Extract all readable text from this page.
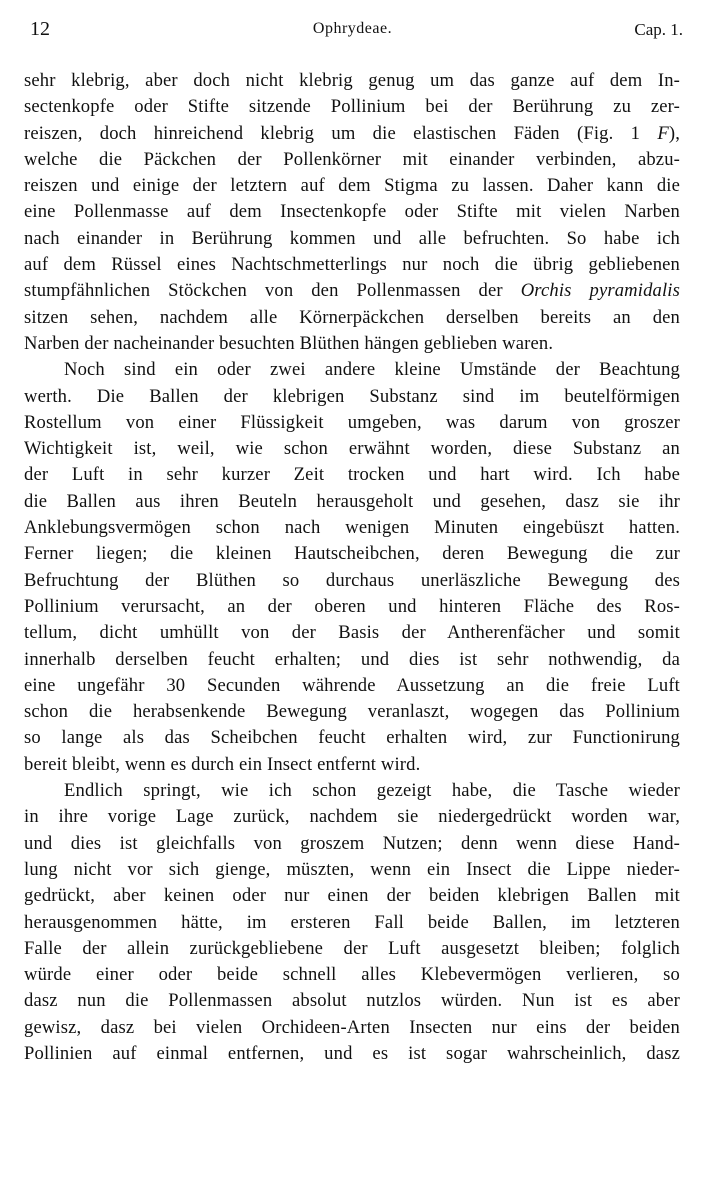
12	Ophrydeae.	Cap. 1.
sehr klebrig, aber doch nicht klebrig genug um das ganze auf dem In-
sectenkopfe oder Stifte sitzende Pollinium bei der Berührung zu zer-
reiszen, doch hinreichend klebrig um die elastischen Fäden (Fig. 1 F),
welche die Päckchen der Pollenkörner mit einander verbinden, abzu-
reiszen und einige der letztern auf dem Stigma zu lassen. Daher kann die
eine Pollenmasse auf dem Insectenkopfe oder Stifte mit vielen Narben
nach einander in Berührung kommen und alle befruchten. So habe ich
auf dem Rüssel eines Nachtschmetterlings nur noch die übrig gebliebenen
stumpfähnlichen Stöckchen von den Pollenmassen der Orchis pyramidalis
sitzen sehen, nachdem alle Körnerpäckchen derselben bereits an den
Narben der nacheinander besuchten Blüthen hängen geblieben waren.
Noch sind ein oder zwei andere kleine Umstände der Beachtung
werth. Die Ballen der klebrigen Substanz sind im beutelförmigen
Rostellum von einer Flüssigkeit umgeben, was darum von groszer
Wichtigkeit ist, weil, wie schon erwähnt worden, diese Substanz an
der Luft in sehr kurzer Zeit trocken und hart wird. Ich habe
die Ballen aus ihren Beuteln herausgeholt und gesehen, dasz sie ihr
Anklebungsvermögen schon nach wenigen Minuten eingebüszt hatten.
Ferner liegen; die kleinen Hautscheibchen, deren Bewegung die zur
Befruchtung der Blüthen so durchaus unerläszliche Bewegung des
Pollinium verursacht, an der oberen und hinteren Fläche des Ros-
tellum, dicht umhüllt von der Basis der Antherenfächer und somit
innerhalb derselben feucht erhalten; und dies ist sehr nothwendig, da
eine ungefähr 30 Secunden währende Aussetzung an die freie Luft
schon die herabsenkende Bewegung veranlaszt, wogegen das Pollinium
so lange als das Scheibchen feucht erhalten wird, zur Functionirung
bereit bleibt, wenn es durch ein Insect entfernt wird.
Endlich springt, wie ich schon gezeigt habe, die Tasche wieder
in ihre vorige Lage zurück, nachdem sie niedergedrückt worden war,
und dies ist gleichfalls von groszem Nutzen; denn wenn diese Hand-
lung nicht vor sich gienge, müszten, wenn ein Insect die Lippe nieder-
gedrückt, aber keinen oder nur einen der beiden klebrigen Ballen mit
herausgenommen hätte, im ersteren Fall beide Ballen, im letzteren
Falle der allein zurückgebliebene der Luft ausgesetzt bleiben; folglich
würde einer oder beide schnell alles Klebevermögen verlieren, so
dasz nun die Pollenmassen absolut nutzlos würden. Nun ist es aber
gewisz, dasz bei vielen Orchideen-Arten Insecten nur eins der beiden
Pollinien auf einmal entfernen, und es ist sogar wahrscheinlich, dasz
